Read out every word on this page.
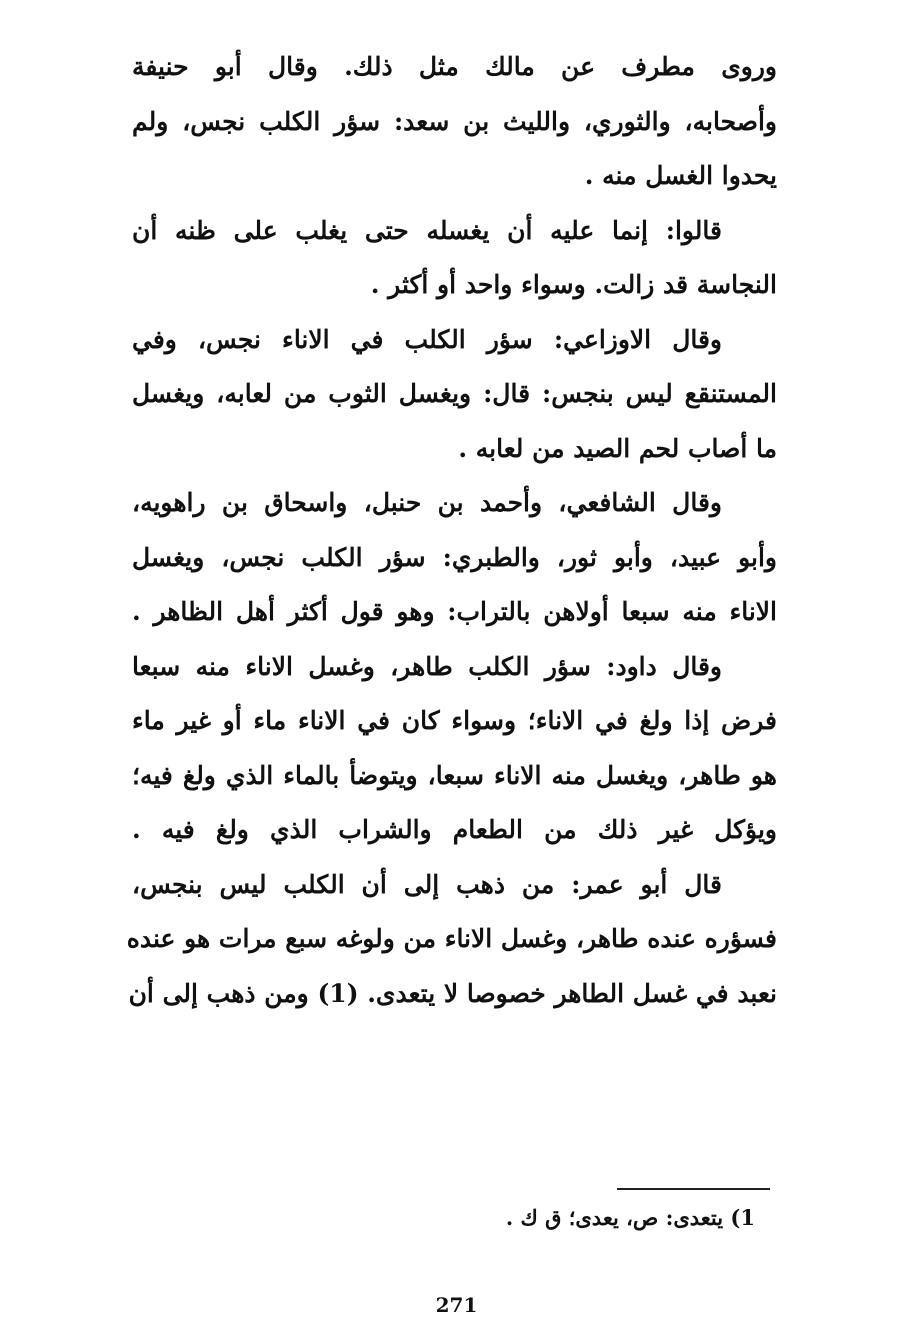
وروى مطرف عن مالك مثل ذلك. وقال أبو حنيفة
وأصحابه، والثوري، والليث بن سعد: سؤر الكلب نجس، ولم
يحدوا الغسل منه .
قالوا: إنما عليه أن يغسله حتى يغلب على ظنه أن
النجاسة قد زالت. وسواء واحد أو أكثر .
وقال الاوزاعي: سؤر الكلب في الاناء نجس، وفي
المستنقع ليس بنجس: قال: ويغسل الثوب من لعابه، ويغسل
ما أصاب لحم الصيد من لعابه .
وقال الشافعي، وأحمد بن حنبل، واسحاق بن راهويه،
وأبو عبيد، وأبو ثور، والطبري: سؤر الكلب نجس، ويغسل
الاناء منه سبعا أولاهن بالتراب: وهو قول أكثر أهل الظاهر .
وقال داود: سؤر الكلب طاهر، وغسل الاناء منه سبعا
فرض إذا ولغ في الاناء؛ وسواء كان في الاناء ماء أو غير ماء
هو طاهر، ويغسل منه الاناء سبعا، ويتوضأ بالماء الذي ولغ فيه؛
ويؤكل غير ذلك من الطعام والشراب الذي ولغ فيه .
قال أبو عمر: من ذهب إلى أن الكلب ليس بنجس،
فسؤره عنده طاهر، وغسل الاناء من ولوغه سبع مرات هو عنده
نعبد في غسل الطاهر خصوصا لا يتعدى. (1) ومن ذهب إلى أن
1) يتعدى: ص، يعدى؛ ق ك .
271
